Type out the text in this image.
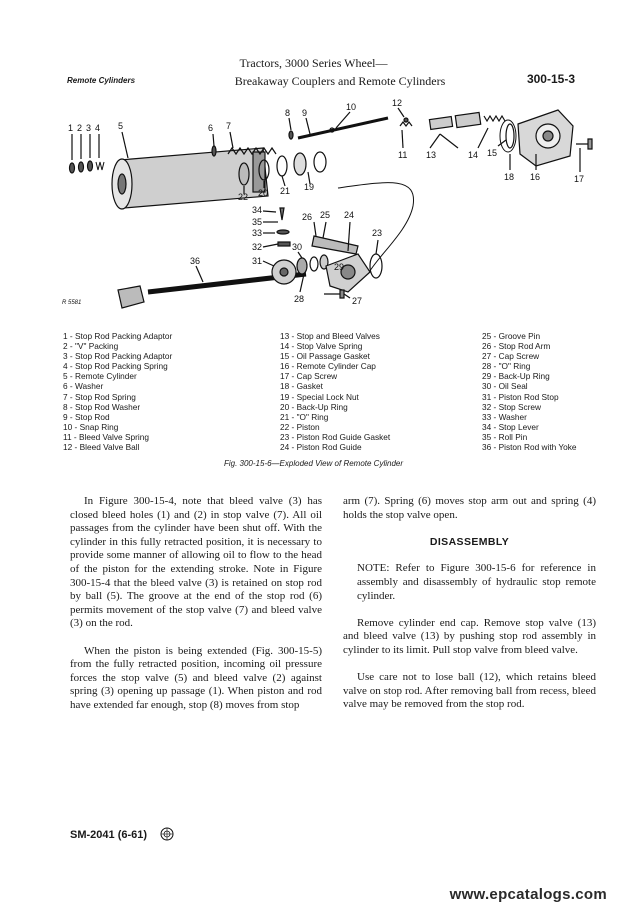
Tractors, 3000 Series Wheel—
Remote Cylinders	Breakaway Couplers and Remote Cylinders	300-15-3
1 2 3 4 5	6 7
8 9
10
11
12
13	14 15
16	17
18
19
20 21
22
23
24
25
26
27
28
29
30
31
32
33
34
35
36
R 5581
1 - Stop Rod Packing Adaptor
2 - "V" Packing
3 - Stop Rod Packing Adaptor
4 - Stop Rod Packing Spring
5 - Remote Cylinder
6 - Washer
7 - Stop Rod Spring
8 - Stop Rod Washer
9 - Stop Rod
10 - Snap Ring
11 - Bleed Valve Spring
12 - Bleed Valve Ball
13 - Stop and Bleed Valves
14 - Stop Valve Spring
15 - Oil Passage Gasket
16 - Remote Cylinder Cap
17 - Cap Screw
18 - Gasket
19 - Special Lock Nut
20 - Back-Up Ring
21 - "O" Ring
22 - Piston
23 - Piston Rod Guide Gasket
24 - Piston Rod Guide
25 - Groove Pin
26 - Stop Rod Arm
27 - Cap Screw
28 - "O" Ring
29 - Back-Up Ring
30 - Oil Seal
31 - Piston Rod Stop
32 - Stop Screw
33 - Washer
34 - Stop Lever
35 - Roll Pin
36 - Piston Rod with Yoke
Fig. 300-15-6—Exploded View of Remote Cylinder

In Figure 300-15-4, note that bleed valve (3) has closed bleed holes (1) and (2) in stop valve (7). All oil passages from the cylinder have been shut off. With the cylinder in this fully retracted position, it is necessary to provide some manner of allowing oil to flow to the head of the piston for the extending stroke. Note in Figure 300-15-4 that the bleed valve (3) is retained on stop rod by ball (5). The groove at the end of the stop rod (6) permits movement of the stop valve (7) and bleed valve (3) on the rod.

When the piston is being extended (Fig. 300-15-5) from the fully retracted position, incoming oil pressure forces the stop valve (5) and bleed valve (2) against spring (3) opening up passage (1). When piston and rod have extended far enough, stop (8) moves from stop

arm (7). Spring (6) moves stop arm out and spring (4) holds the stop valve open.

DISASSEMBLY

NOTE: Refer to Figure 300-15-6 for reference in assembly and disassembly of hydraulic stop remote cylinder.

Remove cylinder end cap. Remove stop valve (13) and bleed valve (13) by pushing stop rod assembly in cylinder to its limit. Pull stop valve from bleed valve.

Use care not to lose ball (12), which retains bleed valve on stop rod. After removing ball from recess, bleed valve may be removed from the stop rod.

SM-2041 (6-61)
www.epcatalogs.com
